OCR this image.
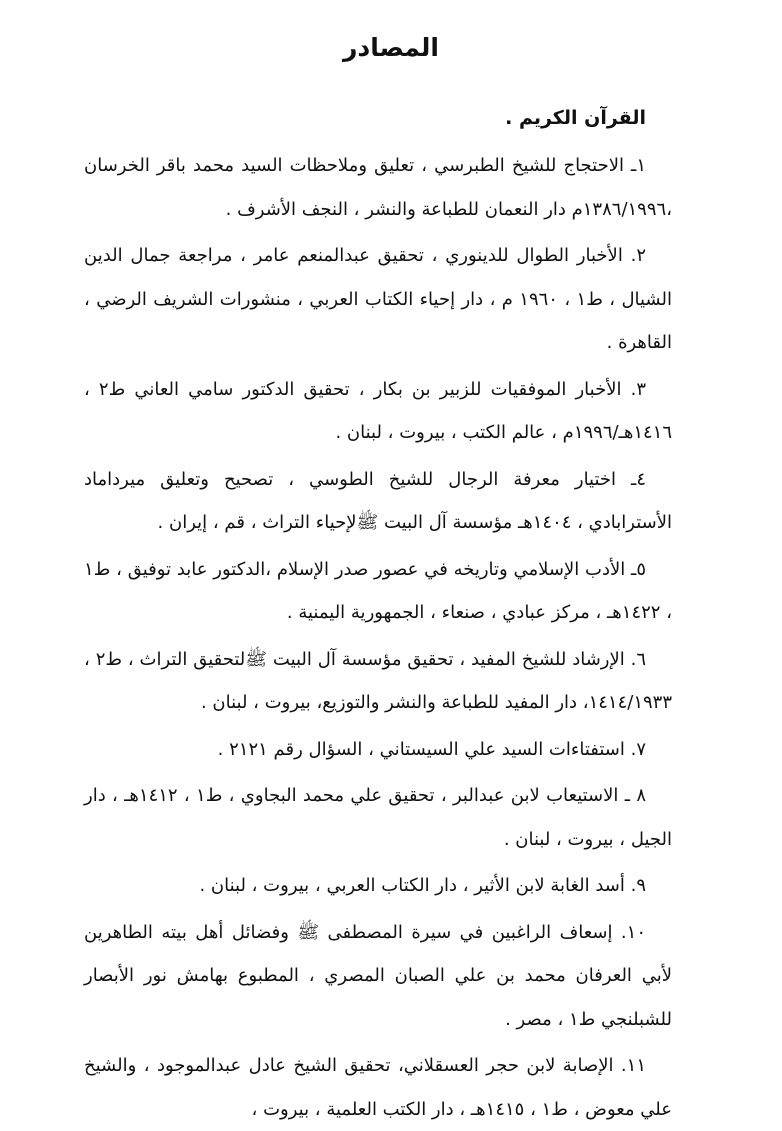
المصادر

القرآن الكريم .

١ـ الاحتجاج للشيخ الطبرسي ، تعليق وملاحظات السيد محمد باقر الخرسان ،١٣٨٦/١٩٩٦م دار النعمان للطباعة والنشر ، النجف الأشرف .

٢. الأخبار الطوال للدينوري ، تحقيق عبدالمنعم عامر ، مراجعة جمال الدين الشيال ، ط١ ، ١٩٦٠ م ، دار إحياء الكتاب العربي ، منشورات الشريف الرضي ، القاهرة .

٣. الأخبار الموفقيات للزبير بن بكار ، تحقيق الدكتور سامي العاني ط٢ ، ١٤١٦هـ/١٩٩٦م ، عالم الكتب ، بيروت ، لبنان .

٤ـ اختيار معرفة الرجال للشيخ الطوسي ، تصحيح وتعليق ميرداماد الأسترابادي ، ١٤٠٤هـ مؤسسة آل البيت ﷺلإحياء التراث ، قم ، إيران .

٥ـ الأدب الإسلامي وتاريخه في عصور صدر الإسلام ،الدكتور عابد توفيق ، ط١ ، ١٤٢٢هـ ، مركز عبادي ، صنعاء ، الجمهورية اليمنية .

٦. الإرشاد للشيخ المفيد ، تحقيق مؤسسة آل البيت ﷺلتحقيق التراث ، ط٢ ، ١٤١٤/١٩٣٣، دار المفيد للطباعة والنشر والتوزيع، بيروت ، لبنان .

٧. استفتاءات السيد علي السيستاني ، السؤال رقم ٢١٢١ .

٨ ـ الاستيعاب لابن عبدالبر ، تحقيق علي محمد البجاوي ، ط١ ، ١٤١٢هـ ، دار الجيل ، بيروت ، لبنان .

٩. أسد الغابة لابن الأثير ، دار الكتاب العربي ، بيروت ، لبنان .

١٠. إسعاف الراغبين في سيرة المصطفى ﷺ وفضائل أهل بيته الطاهرين لأبي العرفان محمد بن علي الصبان المصري ، المطبوع بهامش نور الأبصار للشبلنجي ط١ ، مصر .

١١. الإصابة لابن حجر العسقلاني، تحقيق الشيخ عادل عبدالموجود ، والشيخ علي معوض ، ط١ ، ١٤١٥هـ ، دار الكتب العلمية ، بيروت ،
